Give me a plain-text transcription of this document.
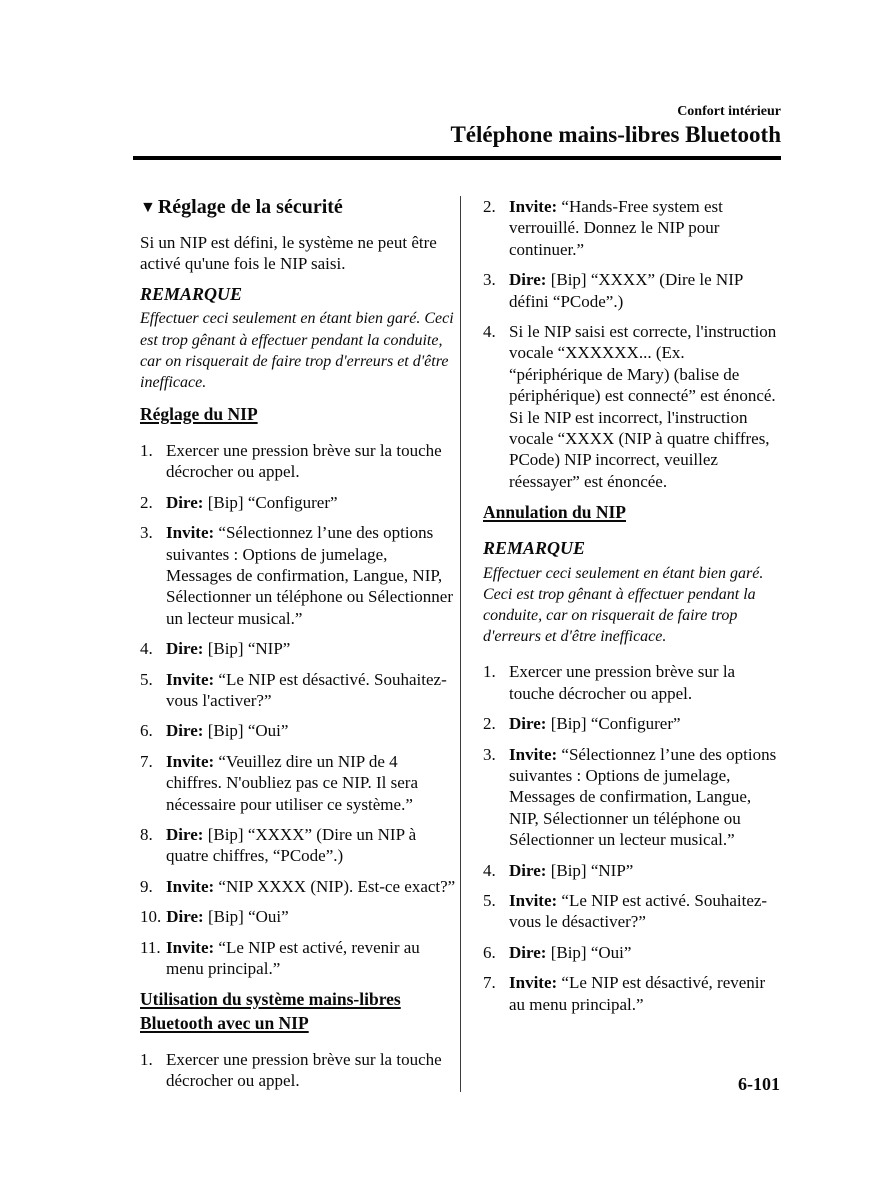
Confort intérieur
Téléphone mains-libres Bluetooth
▼ Réglage de la sécurité

Si un NIP est défini, le système ne peut être activé qu'une fois le NIP saisi.

REMARQUE
Effectuer ceci seulement en étant bien garé. Ceci est trop gênant à effectuer pendant la conduite, car on risquerait de faire trop d'erreurs et d'être inefficace.
Réglage du NIP
1. Exercer une pression brève sur la touche décrocher ou appel.
2. Dire: [Bip] “Configurer”
3. Invite: “Sélectionnez l’une des options suivantes : Options de jumelage, Messages de confirmation, Langue, NIP, Sélectionner un téléphone ou Sélectionner un lecteur musical.”
4. Dire: [Bip] “NIP”
5. Invite: “Le NIP est désactivé. Souhaitez-vous l'activer?”
6. Dire: [Bip] “Oui”
7. Invite: “Veuillez dire un NIP de 4 chiffres. N'oubliez pas ce NIP. Il sera nécessaire pour utiliser ce système.”
8. Dire: [Bip] “XXXX” (Dire un NIP à quatre chiffres, “PCode”.)
9. Invite: “NIP XXXX (NIP). Est-ce exact?”
10. Dire: [Bip] “Oui”
11. Invite: “Le NIP est activé, revenir au menu principal.”
Utilisation du système mains-libres Bluetooth avec un NIP
1. Exercer une pression brève sur la touche décrocher ou appel.
2. Invite: “Hands-Free system est verrouillé. Donnez le NIP pour continuer.”
3. Dire: [Bip] “XXXX” (Dire le NIP défini “PCode”.)
4. Si le NIP saisi est correcte, l'instruction vocale “XXXXXX... (Ex. “périphérique de Mary) (balise de périphérique) est connecté” est énoncé. Si le NIP est incorrect, l'instruction vocale “XXXX (NIP à quatre chiffres, PCode) NIP incorrect, veuillez réessayer” est énoncée.
Annulation du NIP
REMARQUE
Effectuer ceci seulement en étant bien garé. Ceci est trop gênant à effectuer pendant la conduite, car on risquerait de faire trop d'erreurs et d'être inefficace.
1. Exercer une pression brève sur la touche décrocher ou appel.
2. Dire: [Bip] “Configurer”
3. Invite: “Sélectionnez l’une des options suivantes : Options de jumelage, Messages de confirmation, Langue, NIP, Sélectionner un téléphone ou Sélectionner un lecteur musical.”
4. Dire: [Bip] “NIP”
5. Invite: “Le NIP est activé. Souhaitez-vous le désactiver?”
6. Dire: [Bip] “Oui”
7. Invite: “Le NIP est désactivé, revenir au menu principal.”
6-101
